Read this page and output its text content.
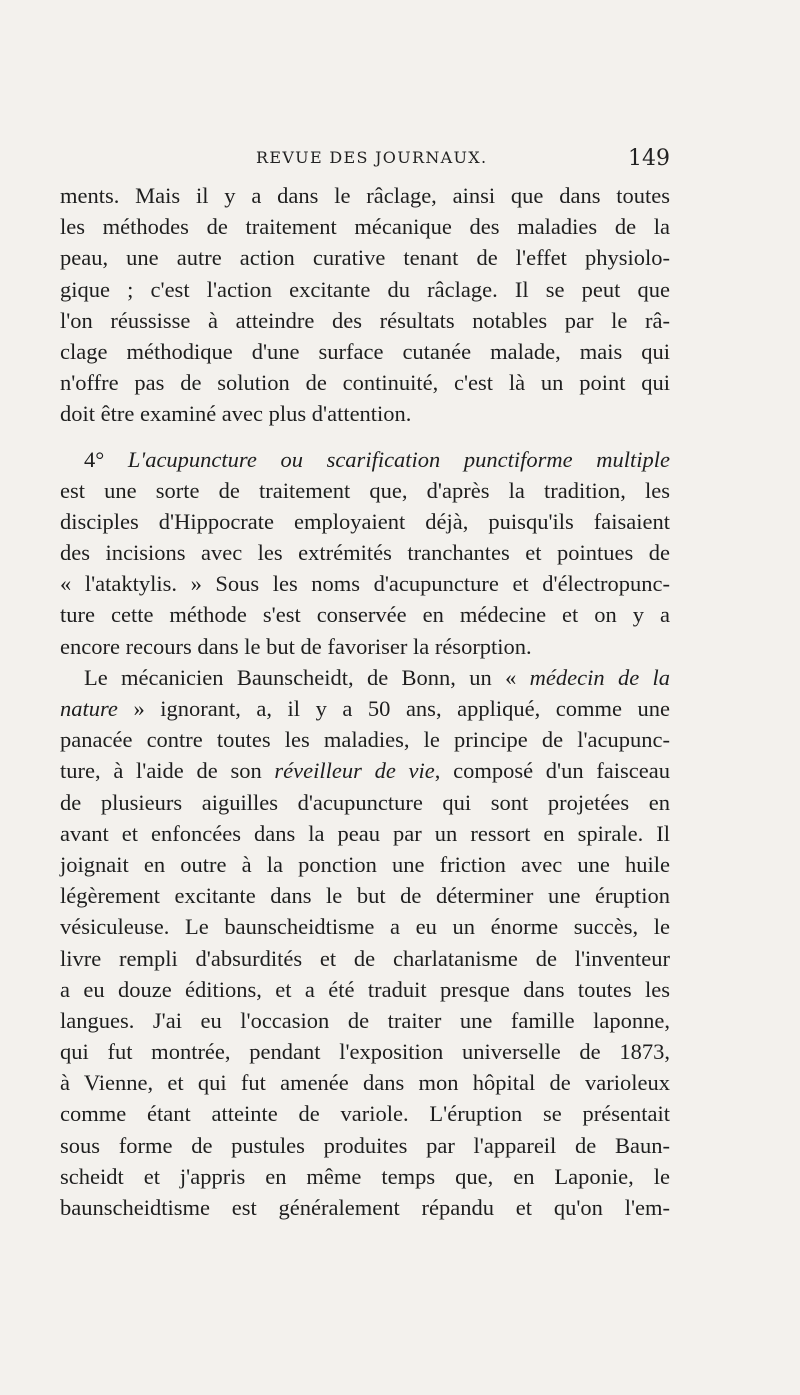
REVUE DES JOURNAUX.	149
ments. Mais il y a dans le râclage, ainsi que dans toutes
les méthodes de traitement mécanique des maladies de la
peau, une autre action curative tenant de l'effet physiolo-
gique ; c'est l'action excitante du râclage. Il se peut que
l'on réussisse à atteindre des résultats notables par le râ-
clage méthodique d'une surface cutanée malade, mais qui
n'offre pas de solution de continuité, c'est là un point qui
doit être examiné avec plus d'attention.
4° L'acupuncture ou scarification punctiforme multiple
est une sorte de traitement que, d'après la tradition, les
disciples d'Hippocrate employaient déjà, puisqu'ils faisaient
des incisions avec les extrémités tranchantes et pointues de
« l'ataktylis. » Sous les noms d'acupuncture et d'électropunc-
ture cette méthode s'est conservée en médecine et on y a
encore recours dans le but de favoriser la résorption.
Le mécanicien Baunscheidt, de Bonn, un « médecin de la
nature » ignorant, a, il y a 50 ans, appliqué, comme une
panacée contre toutes les maladies, le principe de l'acupunc-
ture, à l'aide de son réveilleur de vie, composé d'un faisceau
de plusieurs aiguilles d'acupuncture qui sont projetées en
avant et enfoncées dans la peau par un ressort en spirale. Il
joignait en outre à la ponction une friction avec une huile
légèrement excitante dans le but de déterminer une éruption
vésiculeuse. Le baunscheidtisme a eu un énorme succès, le
livre rempli d'absurdités et de charlatanisme de l'inventeur
a eu douze éditions, et a été traduit presque dans toutes les
langues. J'ai eu l'occasion de traiter une famille laponne,
qui fut montrée, pendant l'exposition universelle de 1873,
à Vienne, et qui fut amenée dans mon hôpital de varioleux
comme étant atteinte de variole. L'éruption se présentait
sous forme de pustules produites par l'appareil de Baun-
scheidt et j'appris en même temps que, en Laponie, le
baunscheidtisme est généralement répandu et qu'on l'em-
